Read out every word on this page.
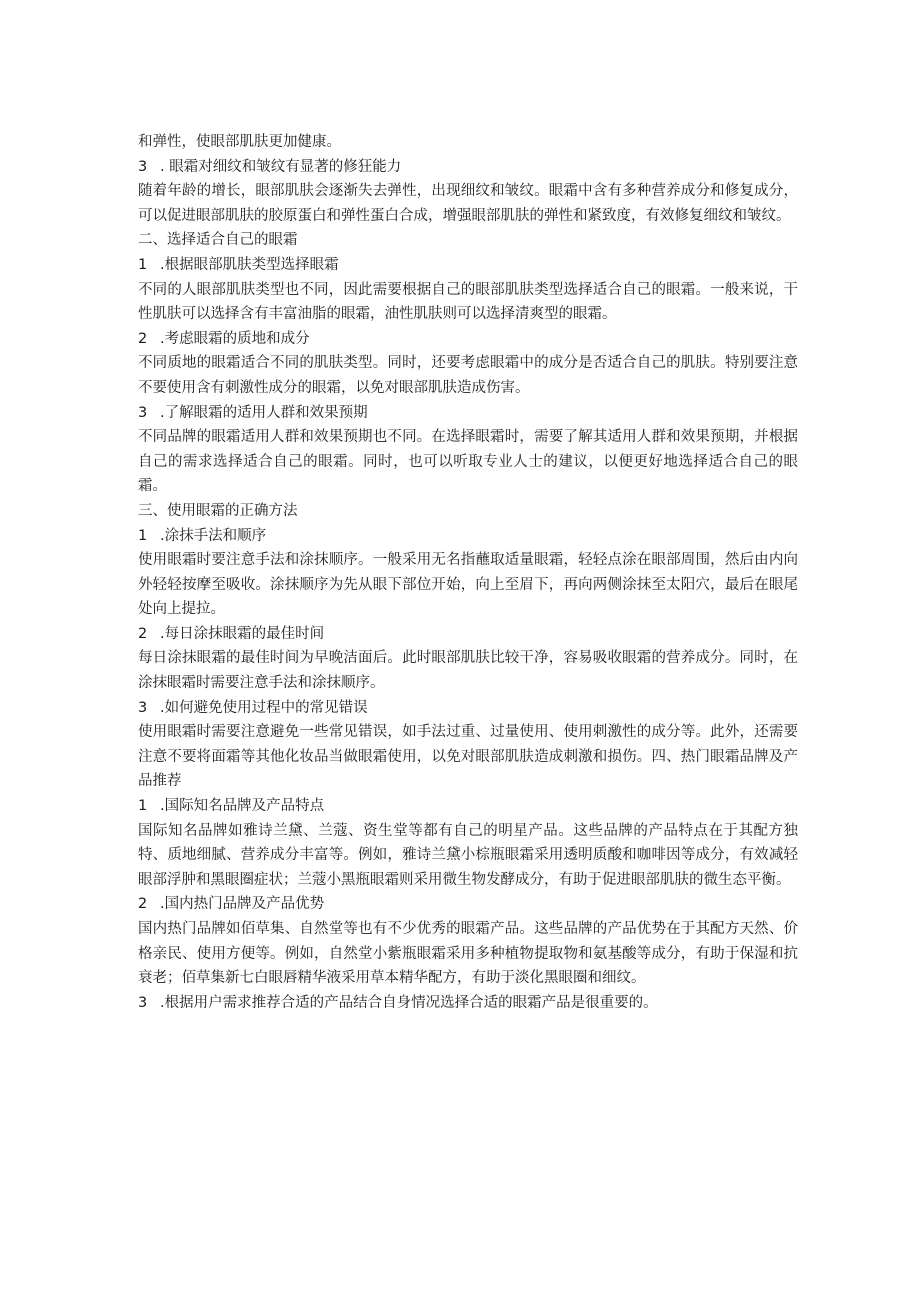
和弹性，使眼部肌肤更加健康。
3 . 眼霜对细纹和皱纹有显著的修狂能力
随着年龄的增长，眼部肌肤会逐渐失去弹性，出现细纹和皱纹。眼霜中含有多种营养成分和修复成分，可以促进眼部肌肤的胶原蛋白和弹性蛋白合成，增强眼部肌肤的弹性和紧致度，有效修复细纹和皱纹。
二、选择适合自己的眼霜
1 .根据眼部肌肤类型选择眼霜
不同的人眼部肌肤类型也不同，因此需要根据自己的眼部肌肤类型选择适合自己的眼霜。一般来说，干性肌肤可以选择含有丰富油脂的眼霜，油性肌肤则可以选择清爽型的眼霜。
2 .考虑眼霜的质地和成分
不同质地的眼霜适合不同的肌肤类型。同时，还要考虑眼霜中的成分是否适合自己的肌肤。特别要注意不要使用含有刺激性成分的眼霜，以免对眼部肌肤造成伤害。
3 .了解眼霜的适用人群和效果预期
不同品牌的眼霜适用人群和效果预期也不同。在选择眼霜时，需要了解其适用人群和效果预期，并根据自己的需求选择适合自己的眼霜。同时，也可以听取专业人士的建议，以便更好地选择适合自己的眼霜。
三、使用眼霜的正确方法
1 .涂抹手法和顺序
使用眼霜时要注意手法和涂抹顺序。一般采用无名指蘸取适量眼霜，轻轻点涂在眼部周围，然后由内向外轻轻按摩至吸收。涂抹顺序为先从眼下部位开始，向上至眉下，再向两侧涂抹至太阳穴，最后在眼尾处向上提拉。
2 .每日涂抹眼霜的最佳时间
每日涂抹眼霜的最佳时间为早晚洁面后。此时眼部肌肤比较干净，容易吸收眼霜的营养成分。同时，在涂抹眼霜时需要注意手法和涂抹顺序。
3 .如何避免使用过程中的常见错误
使用眼霜时需要注意避免一些常见错误，如手法过重、过量使用、使用刺激性的成分等。此外，还需要注意不要将面霜等其他化妆品当做眼霜使用，以免对眼部肌肤造成刺激和损伤。四、热门眼霜品牌及产品推荐
1 .国际知名品牌及产品特点
国际知名品牌如雅诗兰黛、兰蔻、资生堂等都有自己的明星产品。这些品牌的产品特点在于其配方独特、质地细腻、营养成分丰富等。例如，雅诗兰黛小棕瓶眼霜采用透明质酸和咖啡因等成分，有效减轻眼部浮肿和黑眼圈症状；兰蔻小黑瓶眼霜则采用微生物发酵成分，有助于促进眼部肌肤的微生态平衡。
2 .国内热门品牌及产品优势
国内热门品牌如佰草集、自然堂等也有不少优秀的眼霜产品。这些品牌的产品优势在于其配方天然、价格亲民、使用方便等。例如，自然堂小紫瓶眼霜采用多种植物提取物和氨基酸等成分，有助于保湿和抗衰老；佰草集新七白眼唇精华液采用草本精华配方，有助于淡化黑眼圈和细纹。
3 .根据用户需求推荐合适的产品结合自身情况选择合适的眼霜产品是很重要的。
